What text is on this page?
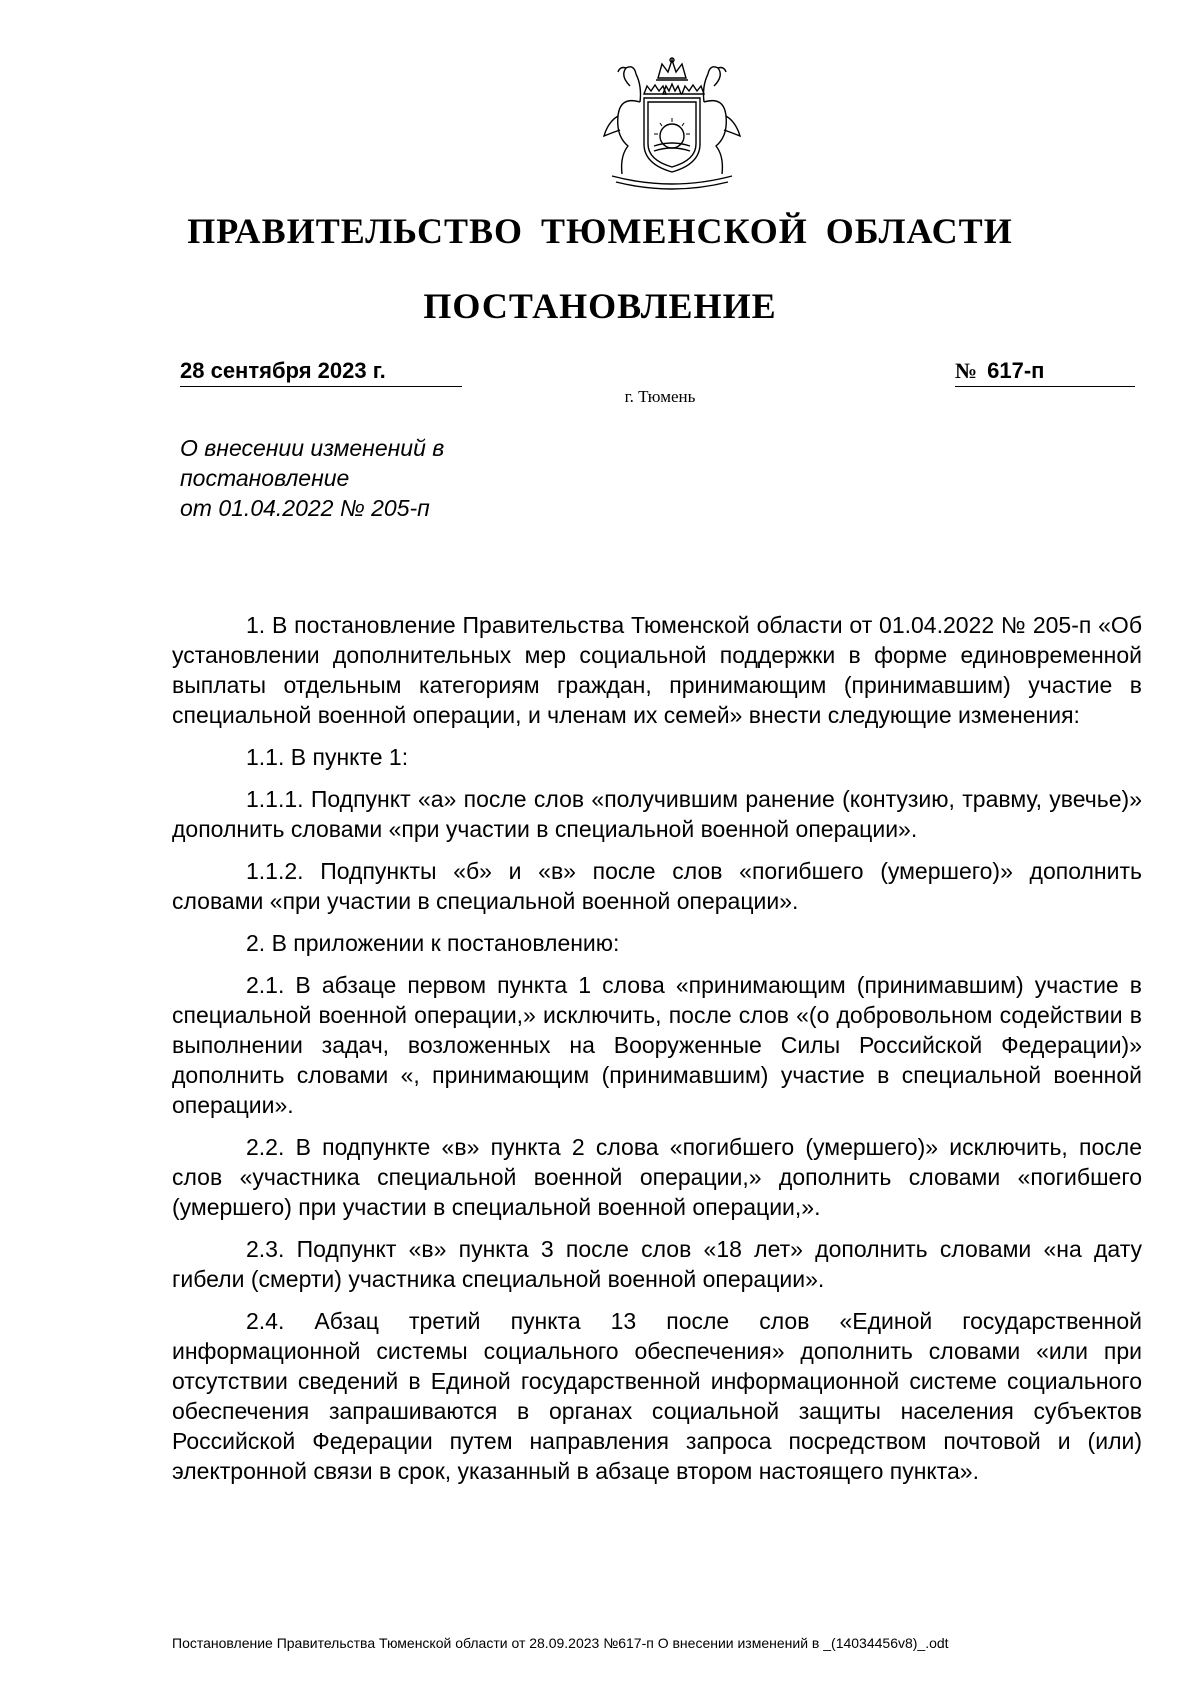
ПРАВИТЕЛЬСТВО ТЮМЕНСКОЙ ОБЛАСТИ
ПОСТАНОВЛЕНИЕ
28 сентября 2023 г.	№ 617-п
г. Тюмень
О внесении изменений в
постановление
от 01.04.2022 № 205-п

1. В постановление Правительства Тюменской области от 01.04.2022 № 205-п «Об установлении дополнительных мер социальной поддержки в форме единовременной выплаты отдельным категориям граждан, принимающим (принимавшим) участие в специальной военной операции, и членам их семей» внести следующие изменения:

1.1. В пункте 1:

1.1.1. Подпункт «а» после слов «получившим ранение (контузию, травму, увечье)» дополнить словами «при участии в специальной военной операции».

1.1.2. Подпункты «б» и «в» после слов «погибшего (умершего)» дополнить словами «при участии в специальной военной операции».

2. В приложении к постановлению:

2.1. В абзаце первом пункта 1 слова «принимающим (принимавшим) участие в специальной военной операции,» исключить, после слов «(о добровольном содействии в выполнении задач, возложенных на Вооруженные Силы Российской Федерации)» дополнить словами «, принимающим (принимавшим) участие в специальной военной операции».

2.2. В подпункте «в» пункта 2 слова «погибшего (умершего)» исключить, после слов «участника специальной военной операции,» дополнить словами «погибшего (умершего) при участии в специальной военной операции,».

2.3. Подпункт «в» пункта 3 после слов «18 лет» дополнить словами «на дату гибели (смерти) участника специальной военной операции».

2.4. Абзац третий пункта 13 после слов «Единой государственной информационной системы социального обеспечения» дополнить словами «или при отсутствии сведений в Единой государственной информационной системе социального обеспечения запрашиваются в органах социальной защиты населения субъектов Российской Федерации путем направления запроса посредством почтовой и (или) электронной связи в срок, указанный в абзаце втором настоящего пункта».

Постановление Правительства Тюменской области от 28.09.2023 №617-п О внесении изменений в _(14034456v8)_.odt
